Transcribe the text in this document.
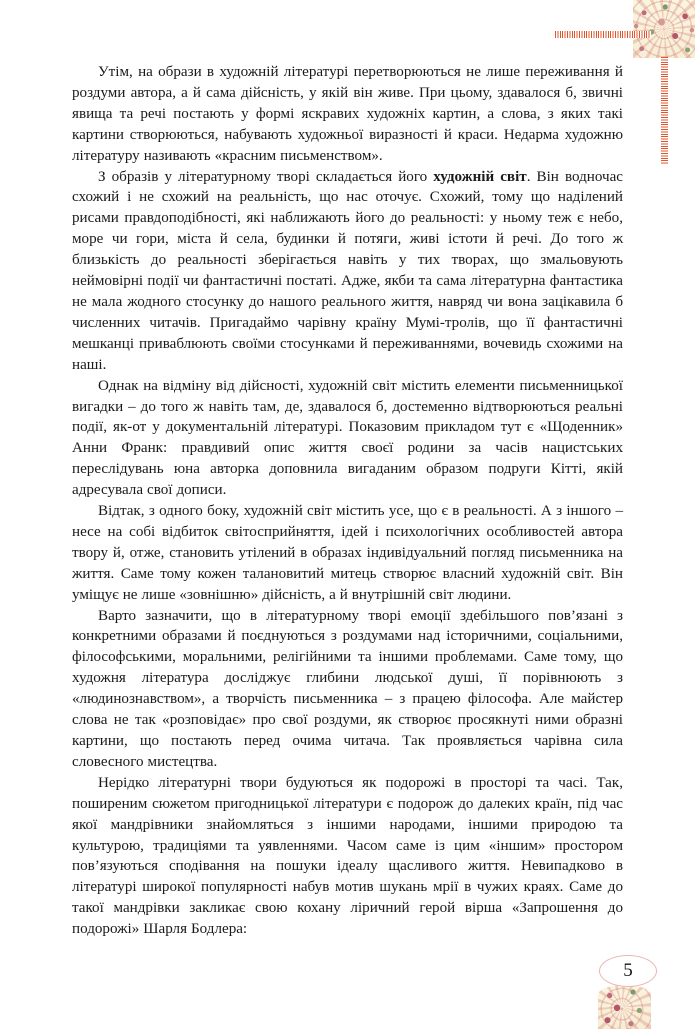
Утім, на образи в художній літературі перетворюються не лише переживання й роздуми автора, а й сама дійсність, у якій він живе. При цьому, здавалося б, звичні явища та речі постають у формі яскравих художніх картин, а слова, з яких такі картини створюються, набувають художньої виразності й краси. Недарма художню літературу називають «красним письменством».

З образів у літературному творі складається його художній світ. Він водночас схожий і не схожий на реальність, що нас оточує. Схожий, тому що наділений рисами правдоподібності, які наближають його до реальності: у ньому теж є небо, море чи гори, міста й села, будинки й потяги, живі істоти й речі. До того ж близькість до реальності зберігається навіть у тих творах, що змальовують неймовірні події чи фантастичні постаті. Адже, якби та сама літературна фантастика не мала жодного стосунку до нашого реального життя, навряд чи вона зацікавила б численних читачів. Пригадаймо чарівну країну Мумі-тролів, що її фантастичні мешканці приваблюють своїми стосунками й переживаннями, вочевидь схожими на наші.

Однак на відміну від дійсності, художній світ містить елементи письменницької вигадки – до того ж навіть там, де, здавалося б, достеменно відтворюються реальні події, як-от у документальній літературі. Показовим прикладом тут є «Щоденник» Анни Франк: правдивий опис життя своєї родини за часів нацистських переслідувань юна авторка доповнила вигаданим образом подруги Кітті, якій адресувала свої дописи.

Відтак, з одного боку, художній світ містить усе, що є в реальності. А з іншого – несе на собі відбиток світосприйняття, ідей і психологічних особливостей автора твору й, отже, становить утілений в образах індивідуальний погляд письменника на життя. Саме тому кожен талановитий митець створює власний художній світ. Він уміщує не лише «зовнішню» дійсність, а й внутрішній світ людини.

Варто зазначити, що в літературному творі емоції здебільшого пов’язані з конкретними образами й поєднуються з роздумами над історичними, соціальними, філософськими, моральними, релігійними та іншими проблемами. Саме тому, що художня література досліджує глибини людської душі, її порівнюють з «людинознавством», а творчість письменника – з працею філософа. Але майстер слова не так «розповідає» про свої роздуми, як створює просякнуті ними образні картини, що постають перед очима читача. Так проявляється чарівна сила словесного мистецтва.

Нерідко літературні твори будуються як подорожі в просторі та часі. Так, поширеним сюжетом пригодницької літератури є подорож до далеких країн, під час якої мандрівники знайомляться з іншими народами, іншими природою та культурою, традиціями та уявленнями. Часом саме із цим «іншим» простором пов’язуються сподівання на пошуки ідеалу щасливого життя. Невипадково в літературі широкої популярності набув мотив шукань мрії в чужих краях. Саме до такої мандрівки закликає свою кохану ліричний герой вірша «Запрошення до подорожі» Шарля Бодлера:

5
